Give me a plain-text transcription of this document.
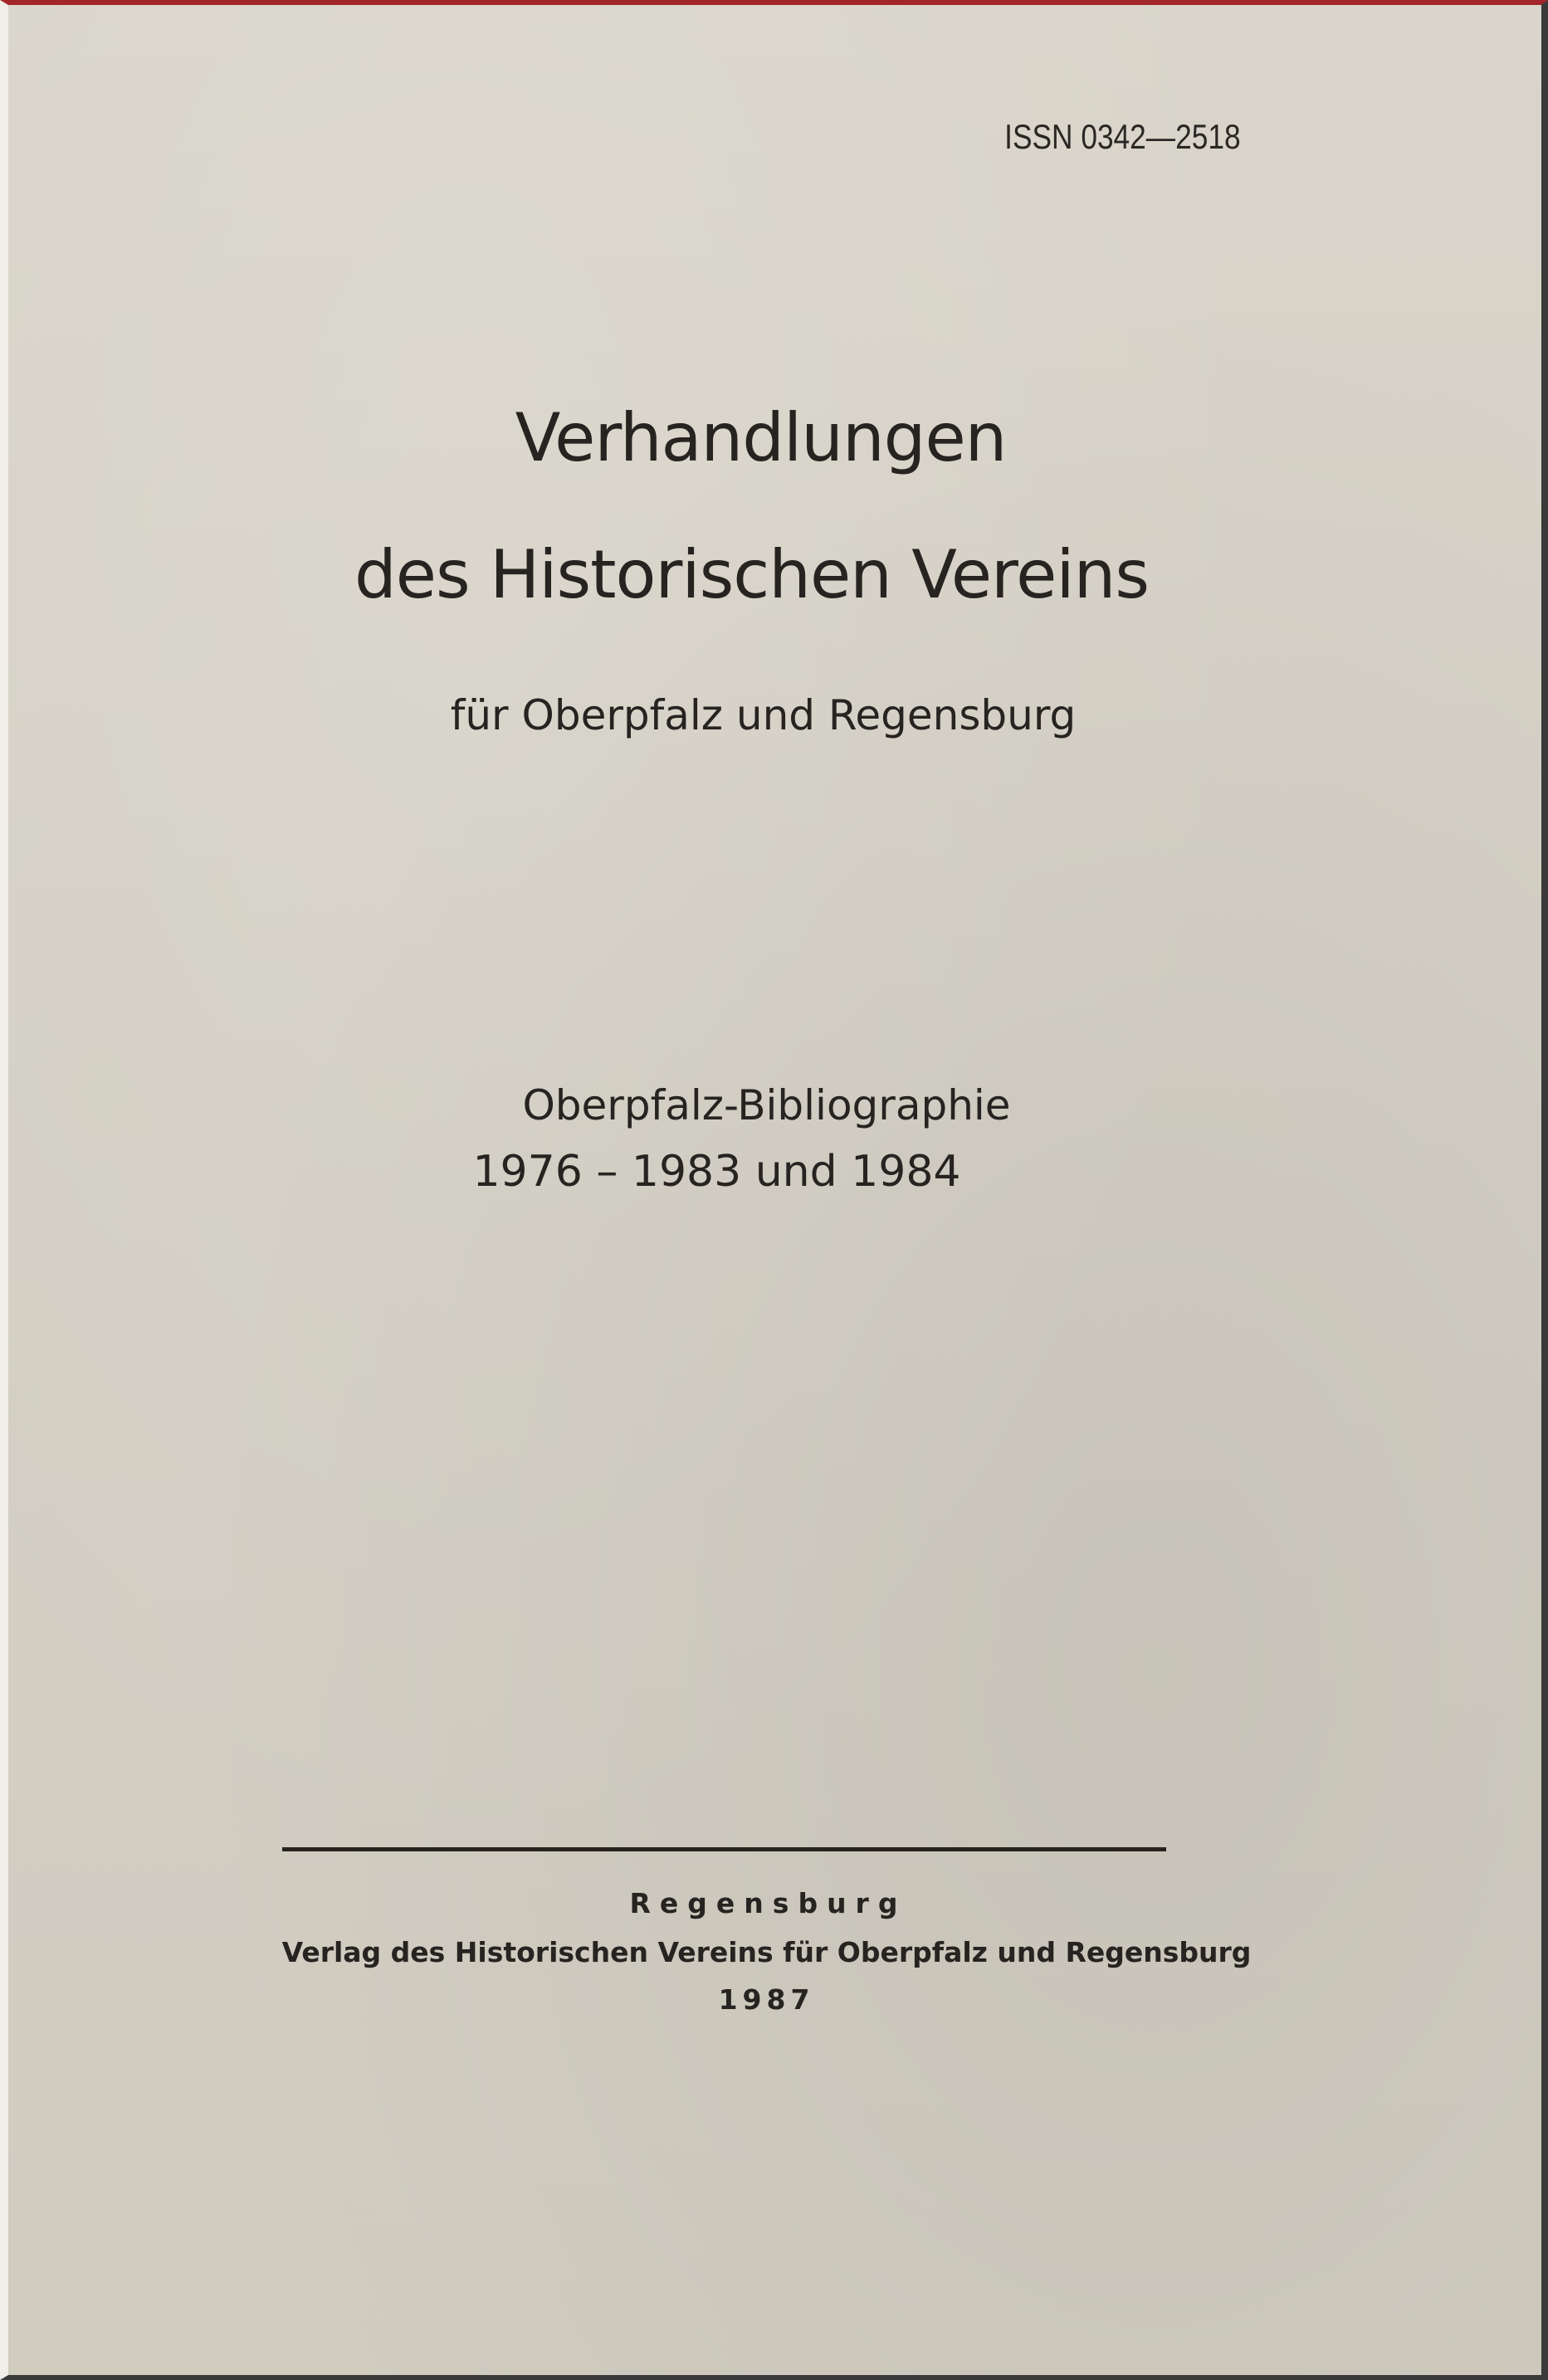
ISSN 0342—2518
Verhandlungen
des Historischen Vereins
für Oberpfalz und Regensburg
Oberpfalz-Bibliographie
1976 – 1983 und 1984
Regensburg
Verlag des Historischen Vereins für Oberpfalz und Regensburg
1987
